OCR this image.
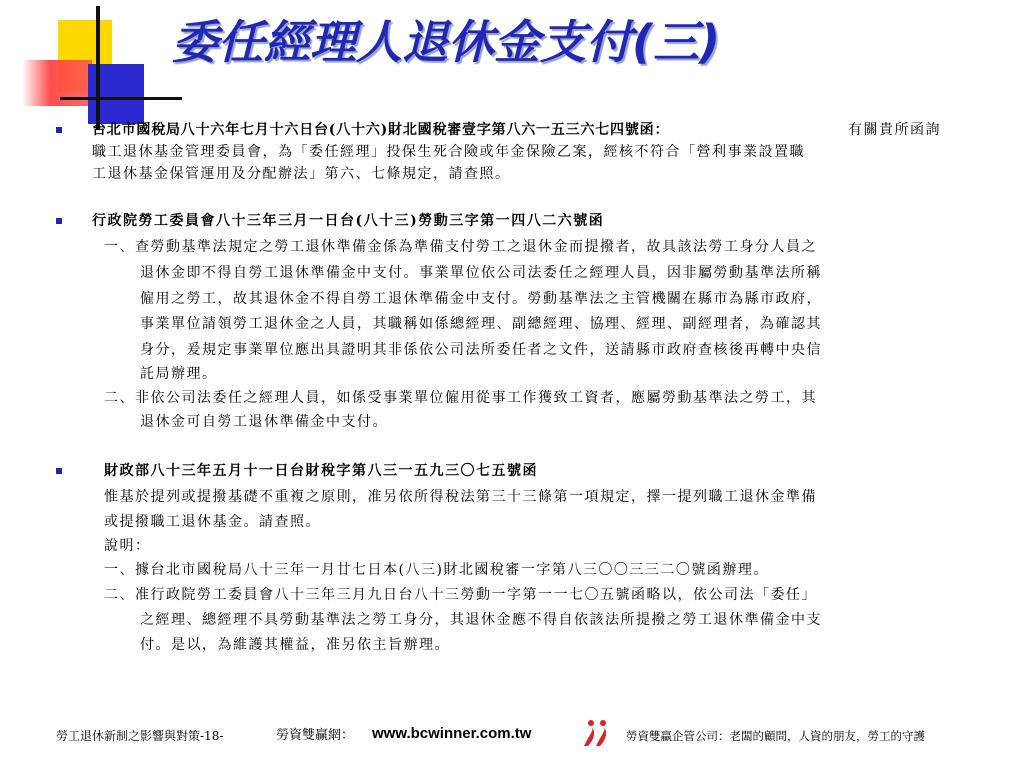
委任經理人退休金支付(三)
台北市國稅局八十六年七月十六日台(八十六)財北國稅審壹字第八六一五三六七四號函：	有關貴所函詢
職工退休基金管理委員會，為「委任經理」投保生死合險或年金保險乙案，經核不符合「營利事業設置職
工退休基金保管運用及分配辦法」第六、七條規定，請查照。
行政院勞工委員會八十三年三月一日台(八十三)勞動三字第一四八二六號函
一、查勞動基準法規定之勞工退休準備金係為準備支付勞工之退休金而提撥者，故具該法勞工身分人員之
退休金即不得自勞工退休準備金中支付。事業單位依公司法委任之經理人員，因非屬勞動基準法所稱
僱用之勞工，故其退休金不得自勞工退休準備金中支付。勞動基準法之主管機關在縣市為縣市政府，
事業單位請領勞工退休金之人員，其職稱如係總經理、副總經理、協理、經理、副經理者，為確認其
身分，爰規定事業單位應出具證明其非係依公司法所委任者之文件，送請縣市政府查核後再轉中央信
託局辦理。
二、非依公司法委任之經理人員，如係受事業單位僱用從事工作獲致工資者，應屬勞動基準法之勞工，其
退休金可自勞工退休準備金中支付。
財政部八十三年五月十一日台財稅字第八三一五九三〇七五號函
惟基於提列或提撥基礎不重複之原則，准另依所得稅法第三十三條第一項規定，擇一提列職工退休金準備
或提撥職工退休基金。請查照。
說明：
一、據台北市國稅局八十三年一月廿七日本(八三)財北國稅審一字第八三〇〇三三二〇號函辦理。
二、准行政院勞工委員會八十三年三月九日台八十三勞動一字第一一七〇五號函略以，依公司法「委任」
之經理、總經理不具勞動基準法之勞工身分，其退休金應不得自依該法所提撥之勞工退休準備金中支
付。是以，為維護其權益，准另依主旨辦理。
勞工退休新制之影響與對策-18-	勞資雙贏網： www.bcwinner.com.tw	勞資雙贏企管公司：老闆的顧問，人資的朋友，勞工的守護
